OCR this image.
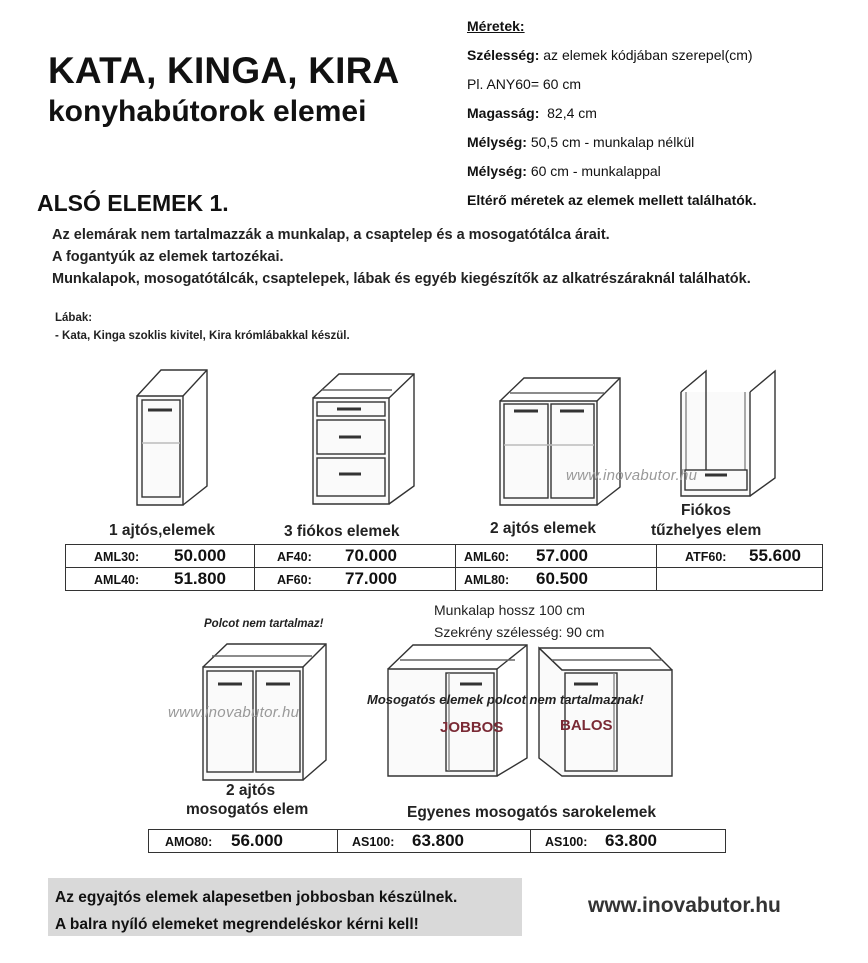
KATA, KINGA, KIRA
konyhabútorok elemei
Méretek:
Szélesség: az elemek kódjában szerepel(cm)
Pl. ANY60= 60 cm
Magasság: 82,4 cm
Mélység: 50,5 cm - munkalap nélkül
Mélység: 60 cm - munkalappal
Eltérő méretek az elemek mellett találhatók.
ALSÓ ELEMEK 1.
Az elemárak nem tartalmazzák a munkalap, a csaptelep és a mosogatótálca árait.
A fogantyúk az elemek tartozékai.
Munkalapok, mosogatótálcák, csaptelepek, lábak és egyéb kiegészítők az alkatrészáraknál találhatók.
Lábak:
- Kata, Kinga szoklis kivitel, Kira krómlábakkal készül.
www.inovabutor.hu
www.inovabutor.hu
1 ajtós,elemek	3 fiókos elemek	2 ajtós elemek
Fiókos
tűzhelyes elem
AML30: 50.000	AF40: 70.000	AML60: 57.000	ATF60: 55.600
AML40: 51.800	AF60: 77.000	AML80: 60.500	
Polcot nem tartalmaz!
Munkalap hossz 100 cm
Szekrény szélesség: 90 cm
Mosogatós elemek polcot nem tartalmaznak!
JOBBOS	BALOS
2 ajtós
mosogatós elem	Egyenes mosogatós sarokelemek
AMO80: 56.000	AS100: 63.800	AS100: 63.800
Az egyajtós elemek alapesetben jobbosban készülnek.
A balra nyíló elemeket megrendeléskor kérni kell!
www.inovabutor.hu
